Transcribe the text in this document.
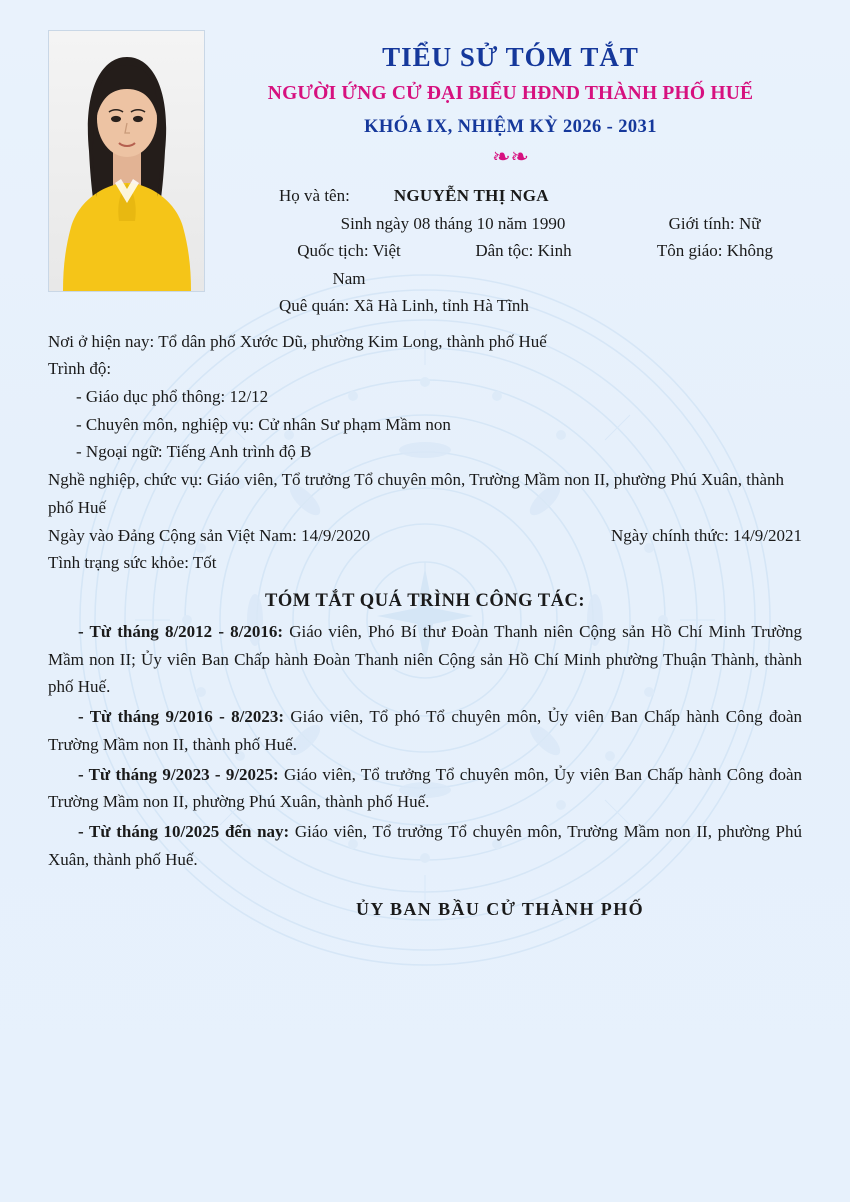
TIỂU SỬ TÓM TẮT
NGƯỜI ỨNG CỬ ĐẠI BIỂU HĐND THÀNH PHỐ HUẾ
KHÓA IX, NHIỆM KỲ 2026 - 2031
❧❧
Họ và tên:	NGUYỄN THỊ NGA
Sinh ngày 08 tháng 10 năm 1990	Giới tính: Nữ
Quốc tịch: Việt Nam
Dân tộc: Kinh	Tôn giáo: Không
Quê quán: Xã Hà Linh, tỉnh Hà Tĩnh

Nơi ở hiện nay: Tổ dân phố Xước Dũ, phường Kim Long, thành phố Huế

Trình độ:

- Giáo dục phổ thông: 12/12

- Chuyên môn, nghiệp vụ: Cử nhân Sư phạm Mầm non

- Ngoại ngữ: Tiếng Anh trình độ B

Nghề nghiệp, chức vụ: Giáo viên, Tổ trưởng Tổ chuyên môn, Trường Mầm non II, phường Phú Xuân, thành phố Huế

Ngày vào Đảng Cộng sản Việt Nam: 14/9/2020	Ngày chính thức: 14/9/2021

Tình trạng sức khỏe: Tốt

TÓM TẮT QUÁ TRÌNH CÔNG TÁC:

- Từ tháng 8/2012 - 8/2016: Giáo viên, Phó Bí thư Đoàn Thanh niên Cộng sản Hồ Chí Minh Trường Mầm non II; Ủy viên Ban Chấp hành Đoàn Thanh niên Cộng sản Hồ Chí Minh phường Thuận Thành, thành phố Huế.

- Từ tháng 9/2016 - 8/2023: Giáo viên, Tổ phó Tổ chuyên môn, Ủy viên Ban Chấp hành Công đoàn Trường Mầm non II, thành phố Huế.

- Từ tháng 9/2023 - 9/2025: Giáo viên, Tổ trưởng Tổ chuyên môn, Ủy viên Ban Chấp hành Công đoàn Trường Mầm non II, phường Phú Xuân, thành phố Huế.

- Từ tháng 10/2025 đến nay: Giáo viên, Tổ trưởng Tổ chuyên môn, Trường Mầm non II, phường Phú Xuân, thành phố Huế.

ỦY BAN BẦU CỬ THÀNH PHỐ
